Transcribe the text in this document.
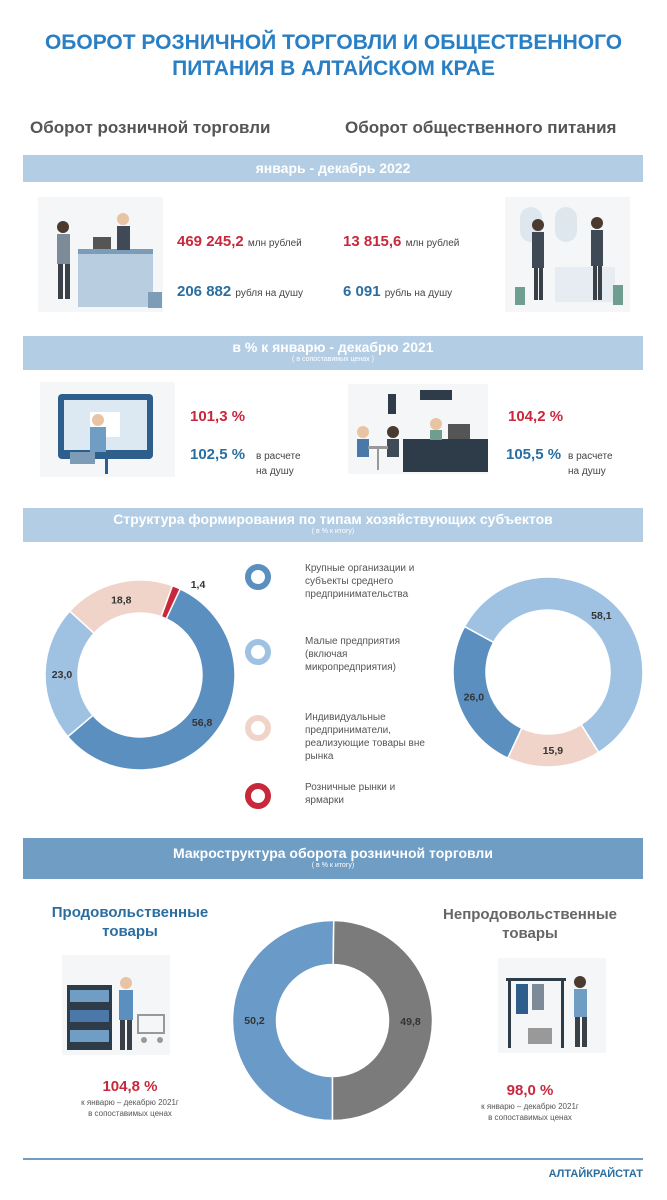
ОБОРОТ РОЗНИЧНОЙ ТОРГОВЛИ И ОБЩЕСТВЕННОГО
ПИТАНИЯ В АЛТАЙСКОМ КРАЕ
Оборот розничной торговли	Оборот общественного питания
январь - декабрь 2022
469 245,2 млн рублей
206 882 рубля на душу
13 815,6 млн рублей
6 091 рубль на душу
в % к январю - декабрю 2021
( в сопоставимых ценах )
101,3 %
102,5 % в расчете
на душу
104,2 %
105,5 % в расчете
на душу
Структура формирования по типам хозяйствующих субъектов
( в % к итогу)
56,8
23,0
18,8
1,4
26,0
58,1
15,9
Крупные организации и субъекты среднего предпринимательства
Малые предприятия (включая микропредприятия)
Индивидуальные предприниматели, реализующие товары вне рынка
Розничные рынки и ярмарки
Макроструктура оборота розничной торговли
( в % к итогу)
Продовольственные
товары
104,8 %
к январю – декабрю 2021г
в сопоставимых ценах
50,2	49,8
Непродовольственные
товары
98,0 %
к январю – декабрю 2021г
в сопоставимых ценах
АЛТАЙКРАЙСТАТ
